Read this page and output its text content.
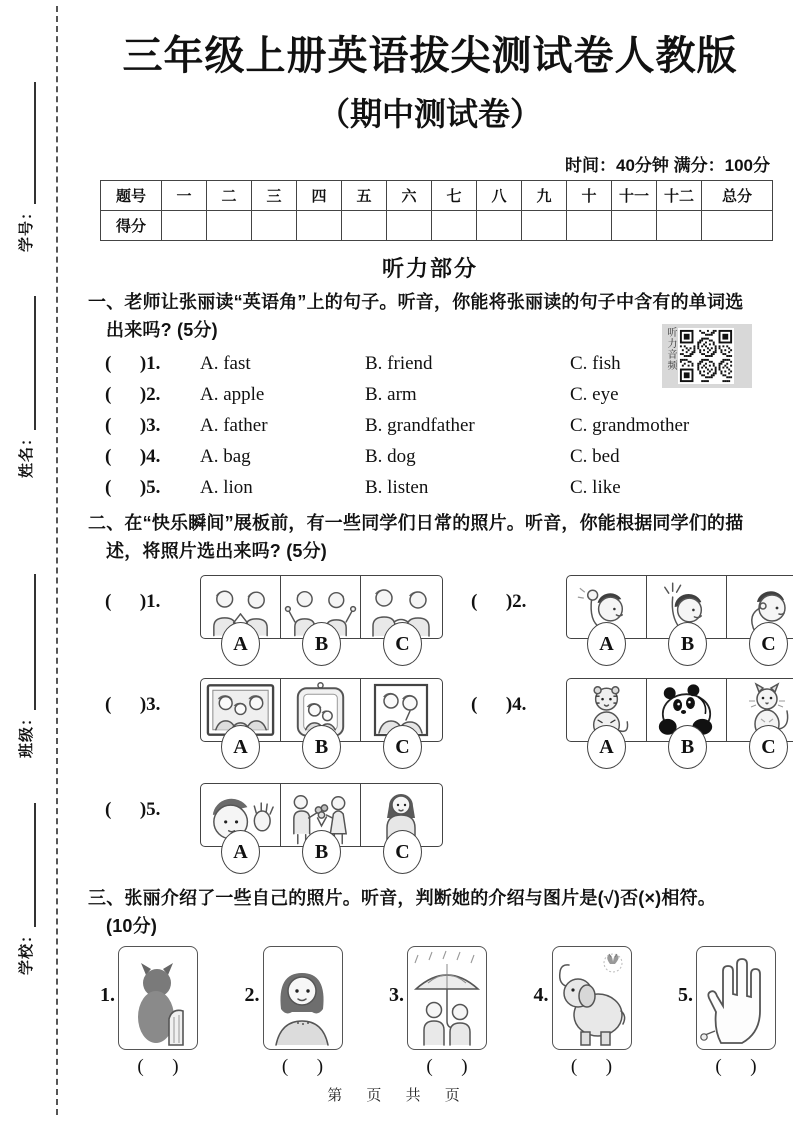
学号：
姓名：
班级：
学校：
三年级上册英语拔尖测试卷人教版
（期中测试卷）
时间：40分钟 满分：100分
题号	一	二	三	四	五	六	七	八	九	十	十一	十二	总分
得分													
听力部分
一、老师让张丽读“英语角”上的句子。听音，你能将张丽读的句子中含有的单词选
出来吗? (5分)	听力音频
(      )1.	A. fast	B. friend	C. fish
(      )2.	A. apple	B. arm	C. eye
(      )3.	A. father	B. grandfather	C. grandmother
(      )4.	A. bag	B. dog	C. bed
(      )5.	A. lion	B. listen	C. like
二、在“快乐瞬间”展板前，有一些同学们日常的照片。听音，你能根据同学们的描
述，将照片选出来吗? (5分)
(      )1.
A	B	C
(      )2.
A	B	C
(      )3.
A	B	C
(      )4.
A	B	C
(      )5.
A	B	C
三、张丽介绍了一些自己的照片。听音，判断她的介绍与图片是(√)否(×)相符。
(10分)
1.
(      )
2.
(      )
3.
(      )
4.
(      )
5.
(      )
第 页 共 页
